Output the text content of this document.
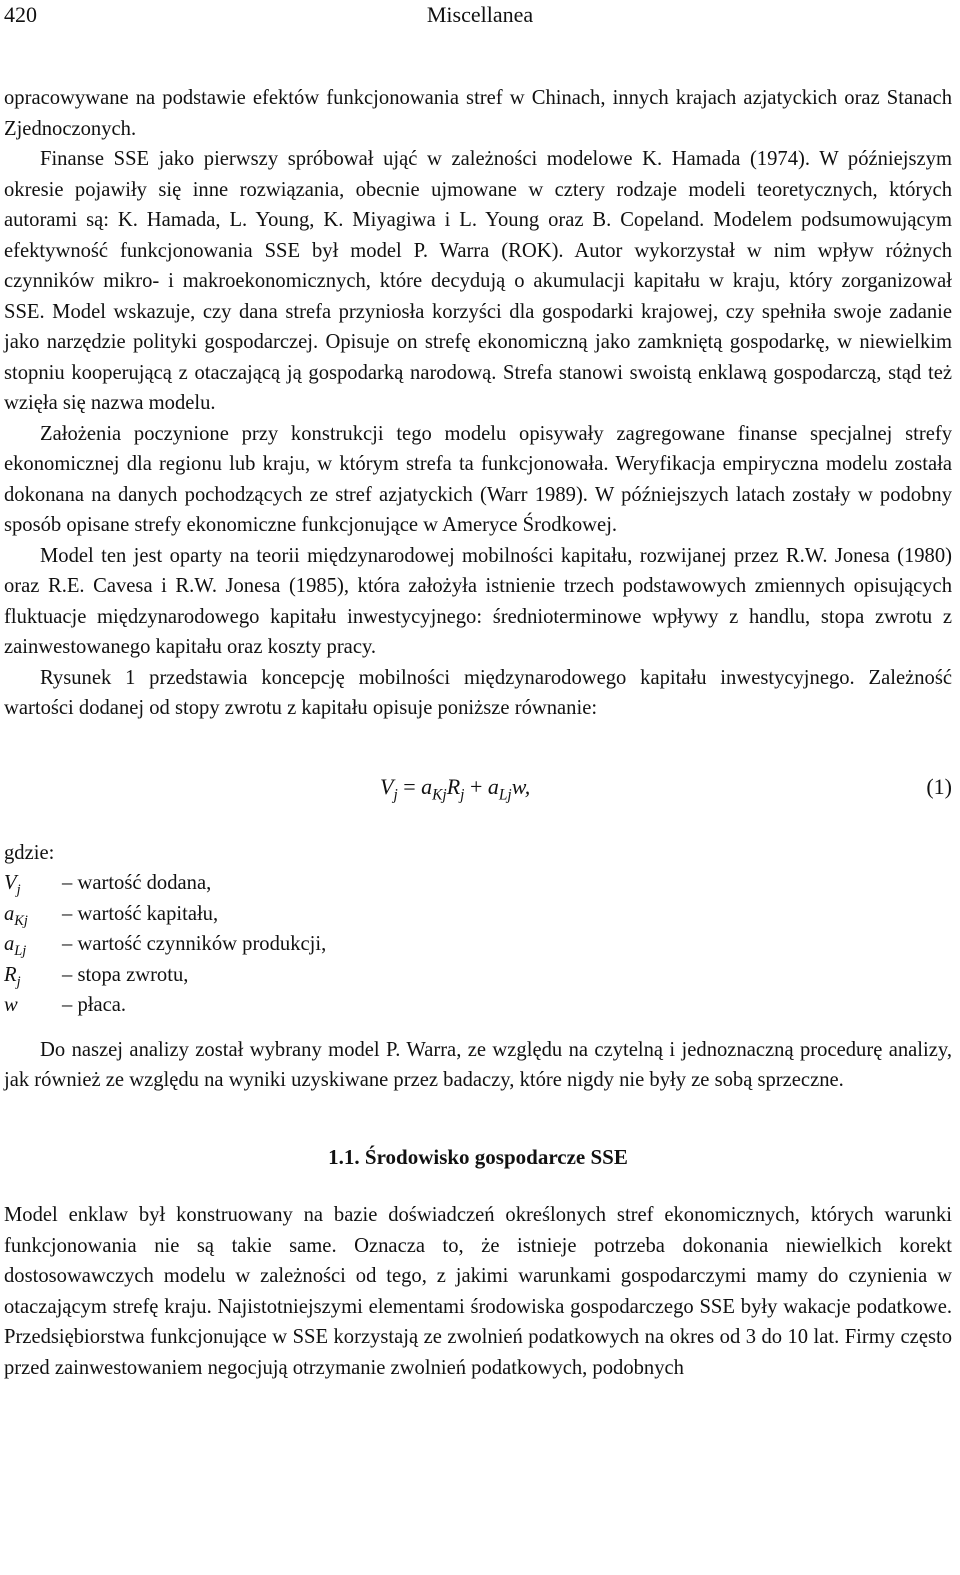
420	Miscellanea

opracowywane na podstawie efektów funkcjonowania stref w Chinach, innych krajach azjatyckich oraz Stanach Zjednoczonych.

Finanse SSE jako pierwszy spróbował ująć w zależności modelowe K. Hamada (1974). W późniejszym okresie pojawiły się inne rozwiązania, obecnie ujmowane w cztery rodzaje modeli teoretycznych, których autorami są: K. Hamada, L. Young, K. Miyagiwa i L. Young oraz B. Copeland. Modelem podsumowującym efektywność funkcjonowania SSE był model P. Warra (ROK). Autor wykorzystał w nim wpływ różnych czynników mikro- i makroekonomicznych, które decydują o akumulacji kapitału w kraju, który zorganizował SSE. Model wskazuje, czy dana strefa przyniosła korzyści dla gospodarki krajowej, czy spełniła swoje zadanie jako narzędzie polityki gospodarczej. Opisuje on strefę ekonomiczną jako zamkniętą gospodarkę, w niewielkim stopniu kooperującą z otaczającą ją gospodarką narodową. Strefa stanowi swoistą enklawą gospodarczą, stąd też wzięła się nazwa modelu.

Założenia poczynione przy konstrukcji tego modelu opisywały zagregowane finanse specjalnej strefy ekonomicznej dla regionu lub kraju, w którym strefa ta funkcjonowała. Weryfikacja empiryczna modelu została dokonana na danych pochodzących ze stref azjatyckich (Warr 1989). W późniejszych latach zostały w podobny sposób opisane strefy ekonomiczne funkcjonujące w Ameryce Środkowej.

Model ten jest oparty na teorii międzynarodowej mobilności kapitału, rozwijanej przez R.W. Jonesa (1980) oraz R.E. Cavesa i R.W. Jonesa (1985), która założyła istnienie trzech podstawowych zmiennych opisujących fluktuacje międzynarodowego kapitału inwestycyjnego: średnioterminowe wpływy z handlu, stopa zwrotu z zainwestowanego kapitału oraz koszty pracy.

Rysunek 1 przedstawia koncepcję mobilności międzynarodowego kapitału inwestycyjnego. Zależność wartości dodanej od stopy zwrotu z kapitału opisuje poniższe równanie:

$V_j = a_{Kj}R_j + a_{Lj}w$,	(1)
gdzie:
$V_j$	– wartość dodana,
$a_{Kj}$	– wartość kapitału,
$a_{Lj}$	– wartość czynników produkcji,
$R_j$	– stopa zwrotu,
w	– płaca.

Do naszej analizy został wybrany model P. Warra, ze względu na czytelną i jednoznaczną procedurę analizy, jak również ze względu na wyniki uzyskiwane przez badaczy, które nigdy nie były ze sobą sprzeczne.

1.1. Środowisko gospodarcze SSE

Model enklaw był konstruowany na bazie doświadczeń określonych stref ekonomicznych, których warunki funkcjonowania nie są takie same. Oznacza to, że istnieje potrzeba dokonania niewielkich korekt dostosowawczych modelu w zależności od tego, z jakimi warunkami gospodarczymi mamy do czynienia w otaczającym strefę kraju. Najistotniejszymi elementami środowiska gospodarczego SSE były wakacje podatkowe. Przedsiębiorstwa funkcjonujące w SSE korzystają ze zwolnień podatkowych na okres od 3 do 10 lat. Firmy często przed zainwestowaniem negocjują otrzymanie zwolnień podatkowych, podobnych
